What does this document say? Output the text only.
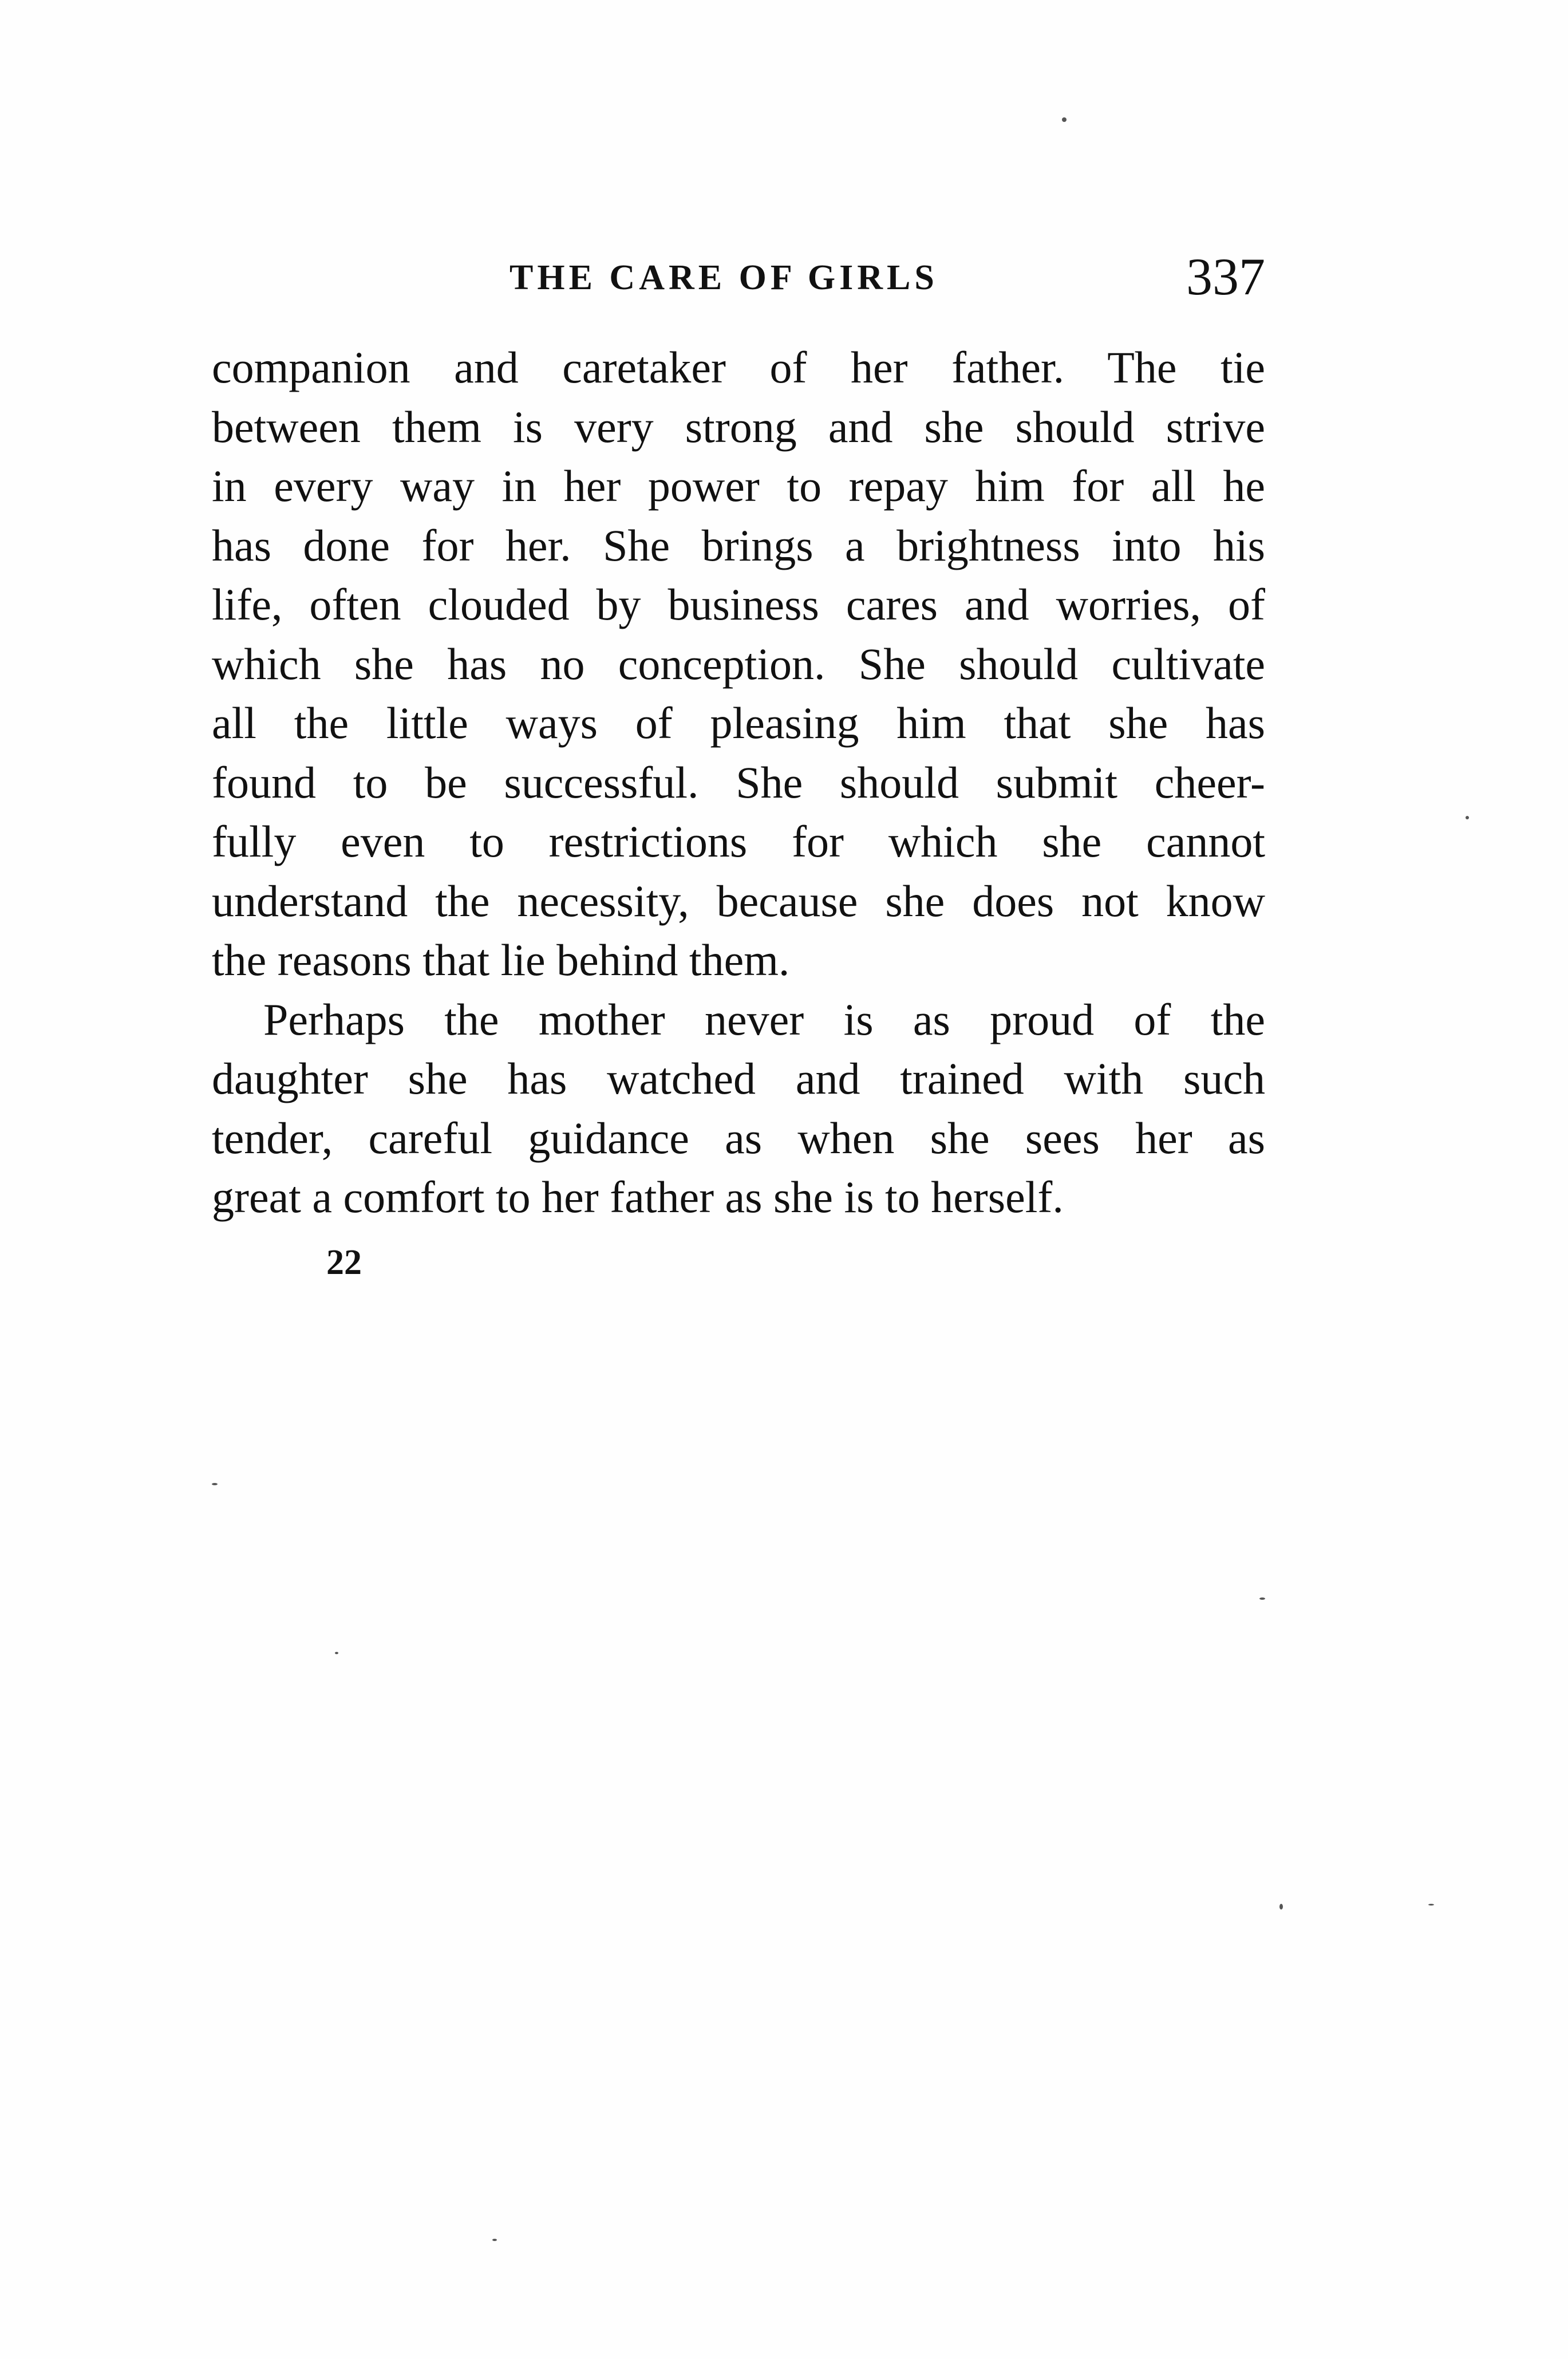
THE CARE OF GIRLS	337
companion and caretaker of her father. The tie
between them is very strong and she should strive
in every way in her power to repay him for all he
has done for her. She brings a brightness into his
life, often clouded by business cares and worries, of
which she has no conception. She should cultivate
all the little ways of pleasing him that she has
found to be successful. She should submit cheer-
fully even to restrictions for which she cannot
understand the necessity, because she does not know
the reasons that lie behind them.
Perhaps the mother never is as proud of the
daughter she has watched and trained with such
tender, careful guidance as when she sees her as
great a comfort to her father as she is to herself.
22
